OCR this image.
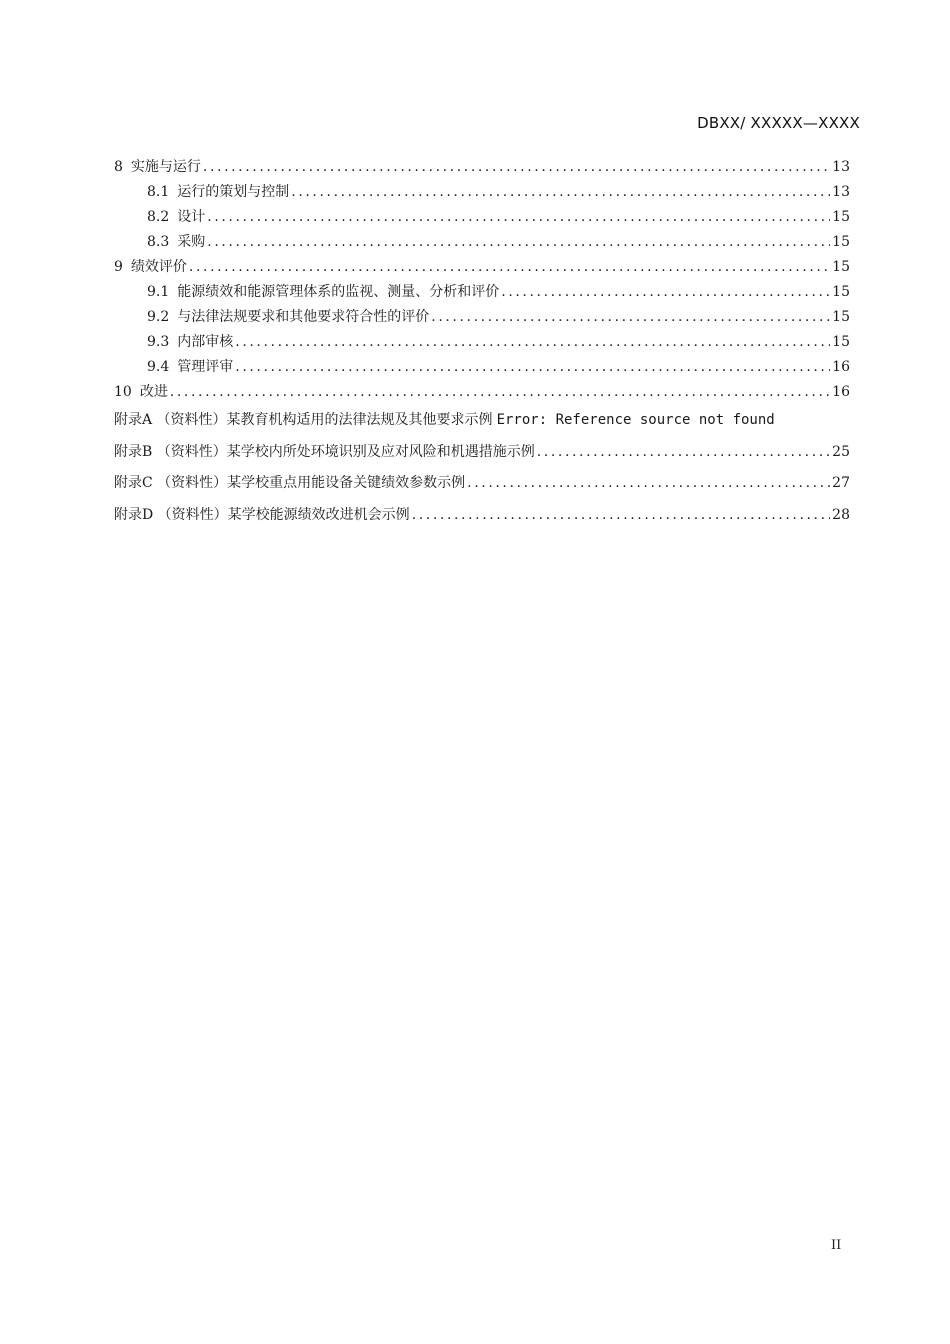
DBXX/ XXXXX—XXXX
8 实施与运行 .....	13
8.1 运行的策划与控制 .....	13
8.2 设计 .....	15
8.3 采购 .....	15
9 绩效评价 .....	15
9.1 能源绩效和能源管理体系的监视、测量、分析和评价 .....	15
9.2 与法律法规要求和其他要求符合性的评价 .....	15
9.3 内部审核 .....	15
9.4 管理评审 .....	16
10 改进 .....	16
附录A （资料性）某教育机构适用的法律法规及其他要求示例 Error: Reference source not found
附录B （资料性）某学校内所处环境识别及应对风险和机遇措施示例 .....	25
附录C （资料性）某学校重点用能设备关键绩效参数示例 .....	27
附录D （资料性）某学校能源绩效改进机会示例 .....	28
II
